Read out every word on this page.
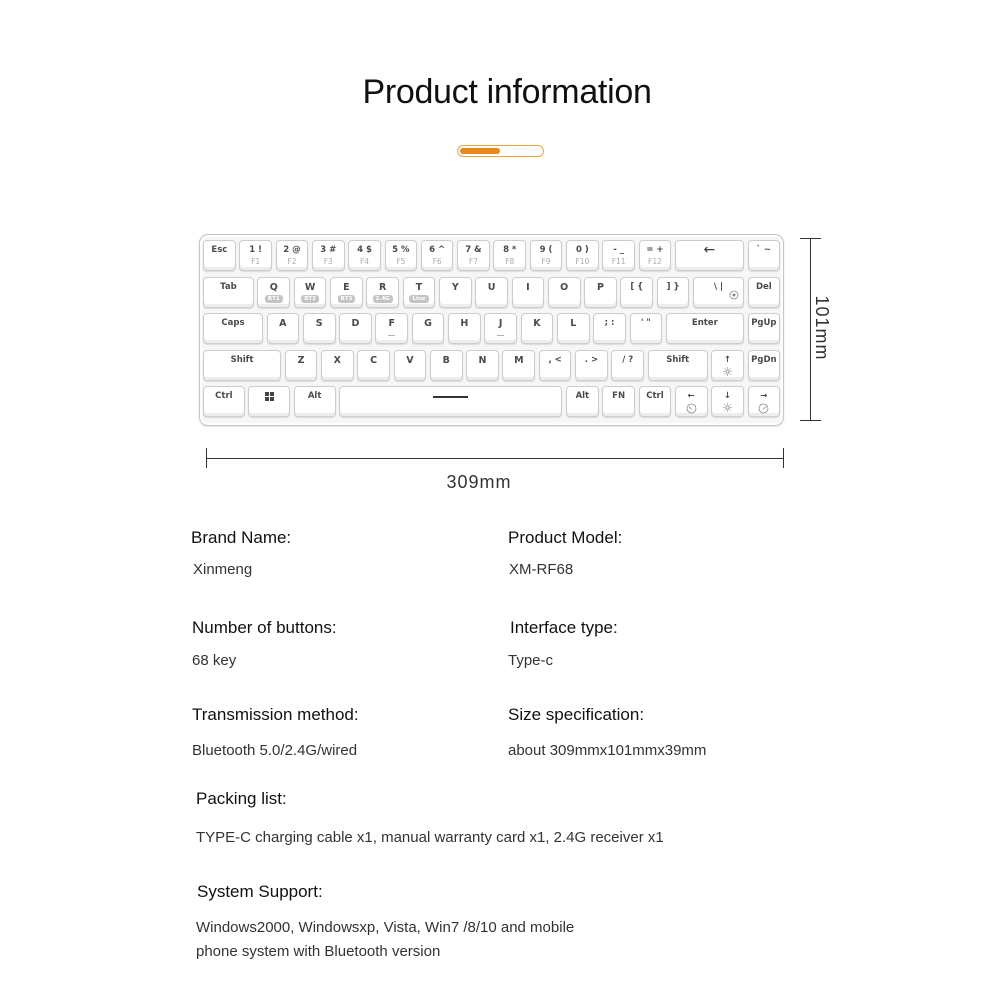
Product information
Esc	1 !
F1
2 @
F2
3 #
F3
4 $
F4
5 %
F5
6 ^
F6
7 &
F7
8 *
F8
9 (
F9
0 )
F10
- _
F11
= +
F12
←	` ~
Tab	Q
BT1
W
BT2
E
BT3
R
2.4G
T
Line
Y	U	I	O	P	[ {	] }	\ |	Del
Caps	A	S	D	F	G	H	J	K	L	; :	' "	Enter	PgUp
Shift	Z	X	C	V	B	N	M	, <	. >	/ ?	Shift	↑ PgDn
Ctrl	Alt	Alt	FN Ctrl	←	↓	→
101mm
309mm
Brand Name:
Xinmeng
Product Model:
XM-RF68
Number of buttons:
68 key
Interface type:
Type-c
Transmission method:
Bluetooth 5.0/2.4G/wired
Size specification:
about 309mmx101mmx39mm
Packing list:
TYPE-C charging cable x1, manual warranty card x1, 2.4G receiver x1
System Support:
Windows2000, Windowsxp, Vista, Win7 /8/10 and mobile
phone system with Bluetooth version
